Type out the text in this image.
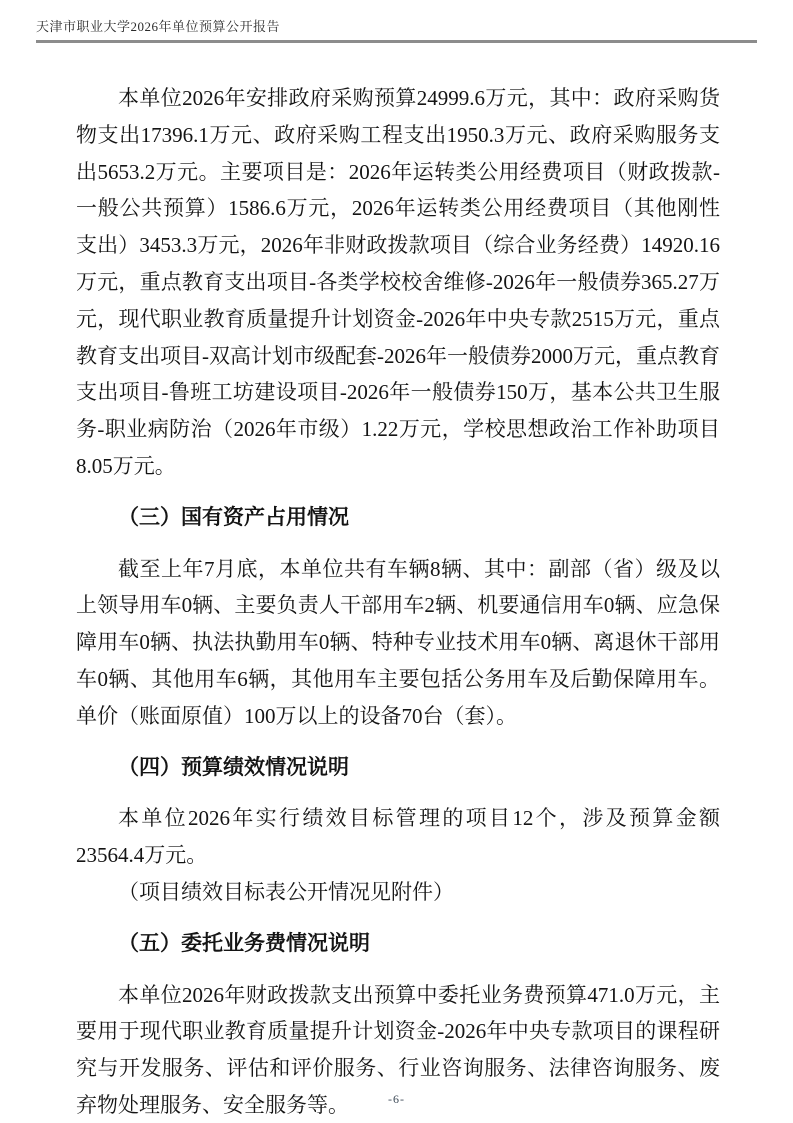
天津市职业大学2026年单位预算公开报告

本单位2026年安排政府采购预算24999.6万元，其中：政府采购货物支出17396.1万元、政府采购工程支出1950.3万元、政府采购服务支出5653.2万元。主要项目是：2026年运转类公用经费项目（财政拨款-一般公共预算）1586.6万元，2026年运转类公用经费项目（其他刚性支出）3453.3万元，2026年非财政拨款项目（综合业务经费）14920.16万元，重点教育支出项目-各类学校校舍维修-2026年一般债券365.27万元，现代职业教育质量提升计划资金-2026年中央专款2515万元，重点教育支出项目-双高计划市级配套-2026年一般债券2000万元，重点教育支出项目-鲁班工坊建设项目-2026年一般债券150万，基本公共卫生服务-职业病防治（2026年市级）1.22万元，学校思想政治工作补助项目8.05万元。

（三）国有资产占用情况

截至上年7月底，本单位共有车辆8辆、其中：副部（省）级及以上领导用车0辆、主要负责人干部用车2辆、机要通信用车0辆、应急保障用车0辆、执法执勤用车0辆、特种专业技术用车0辆、离退休干部用车0辆、其他用车6辆，其他用车主要包括公务用车及后勤保障用车。单价（账面原值）100万以上的设备70台（套）。

（四）预算绩效情况说明

本单位2026年实行绩效目标管理的项目12个，涉及预算金额23564.4万元。

（项目绩效目标表公开情况见附件）

（五）委托业务费情况说明

本单位2026年财政拨款支出预算中委托业务费预算471.0万元，主要用于现代职业教育质量提升计划资金-2026年中央专款项目的课程研究与开发服务、评估和评价服务、行业咨询服务、法律咨询服务、废弃物处理服务、安全服务等。	-6-
